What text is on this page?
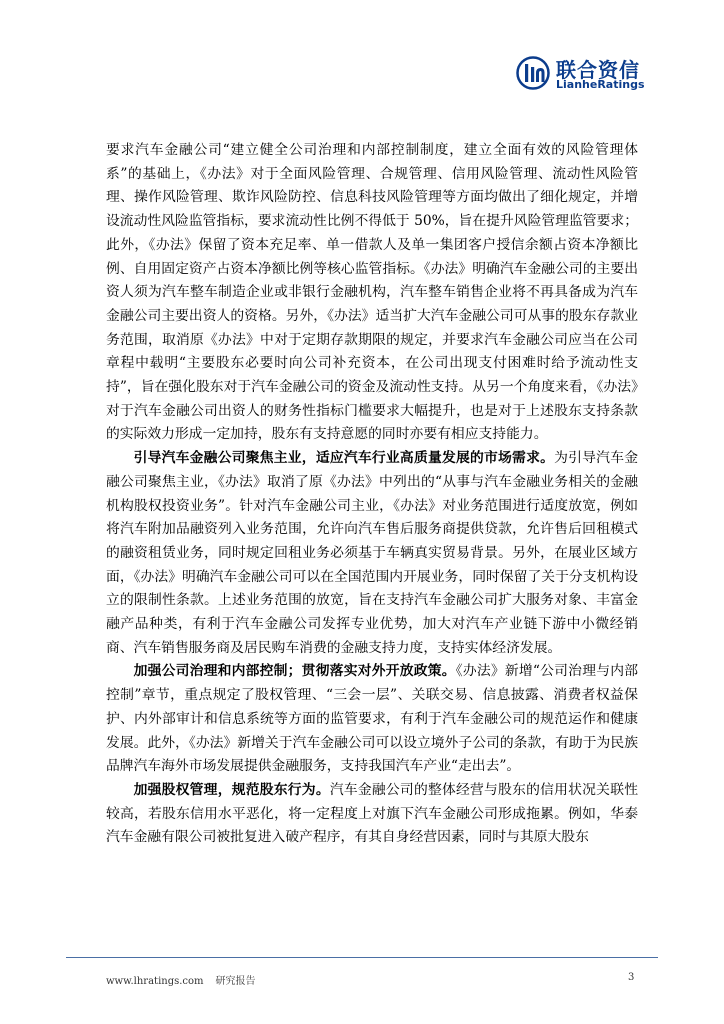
联合资信
LianheRatings

要求汽车金融公司“建立健全公司治理和内部控制制度，建立全面有效的风险管理体系”的基础上，《办法》对于全面风险管理、合规管理、信用风险管理、流动性风险管理、操作风险管理、欺诈风险防控、信息科技风险管理等方面均做出了细化规定，并增设流动性风险监管指标，要求流动性比例不得低于 50%，旨在提升风险管理监管要求；此外，《办法》保留了资本充足率、单一借款人及单一集团客户授信余额占资本净额比例、自用固定资产占资本净额比例等核心监管指标。《办法》明确汽车金融公司的主要出资人须为汽车整车制造企业或非银行金融机构，汽车整车销售企业将不再具备成为汽车金融公司主要出资人的资格。另外，《办法》适当扩大汽车金融公司可从事的股东存款业务范围，取消原《办法》中对于定期存款期限的规定，并要求汽车金融公司应当在公司章程中载明“主要股东必要时向公司补充资本，在公司出现支付困难时给予流动性支持”，旨在强化股东对于汽车金融公司的资金及流动性支持。从另一个角度来看，《办法》对于汽车金融公司出资人的财务性指标门槛要求大幅提升，也是对于上述股东支持条款的实际效力形成一定加持，股东有支持意愿的同时亦要有相应支持能力。

引导汽车金融公司聚焦主业，适应汽车行业高质量发展的市场需求。为引导汽车金融公司聚焦主业，《办法》取消了原《办法》中列出的“从事与汽车金融业务相关的金融机构股权投资业务”。针对汽车金融公司主业，《办法》对业务范围进行适度放宽，例如将汽车附加品融资列入业务范围，允许向汽车售后服务商提供贷款，允许售后回租模式的融资租赁业务，同时规定回租业务必须基于车辆真实贸易背景。另外，在展业区域方面，《办法》明确汽车金融公司可以在全国范围内开展业务，同时保留了关于分支机构设立的限制性条款。上述业务范围的放宽，旨在支持汽车金融公司扩大服务对象、丰富金融产品种类，有利于汽车金融公司发挥专业优势，加大对汽车产业链下游中小微经销商、汽车销售服务商及居民购车消费的金融支持力度，支持实体经济发展。

加强公司治理和内部控制；贯彻落实对外开放政策。《办法》新增“公司治理与内部控制”章节，重点规定了股权管理、“三会一层”、关联交易、信息披露、消费者权益保护、内外部审计和信息系统等方面的监管要求，有利于汽车金融公司的规范运作和健康发展。此外，《办法》新增关于汽车金融公司可以设立境外子公司的条款，有助于为民族品牌汽车海外市场发展提供金融服务，支持我国汽车产业“走出去”。

加强股权管理，规范股东行为。汽车金融公司的整体经营与股东的信用状况关联性较高，若股东信用水平恶化，将一定程度上对旗下汽车金融公司形成拖累。例如，华泰汽车金融有限公司被批复进入破产程序，有其自身经营因素，同时与其原大股东

www.lhratings.com 研究报告	3
